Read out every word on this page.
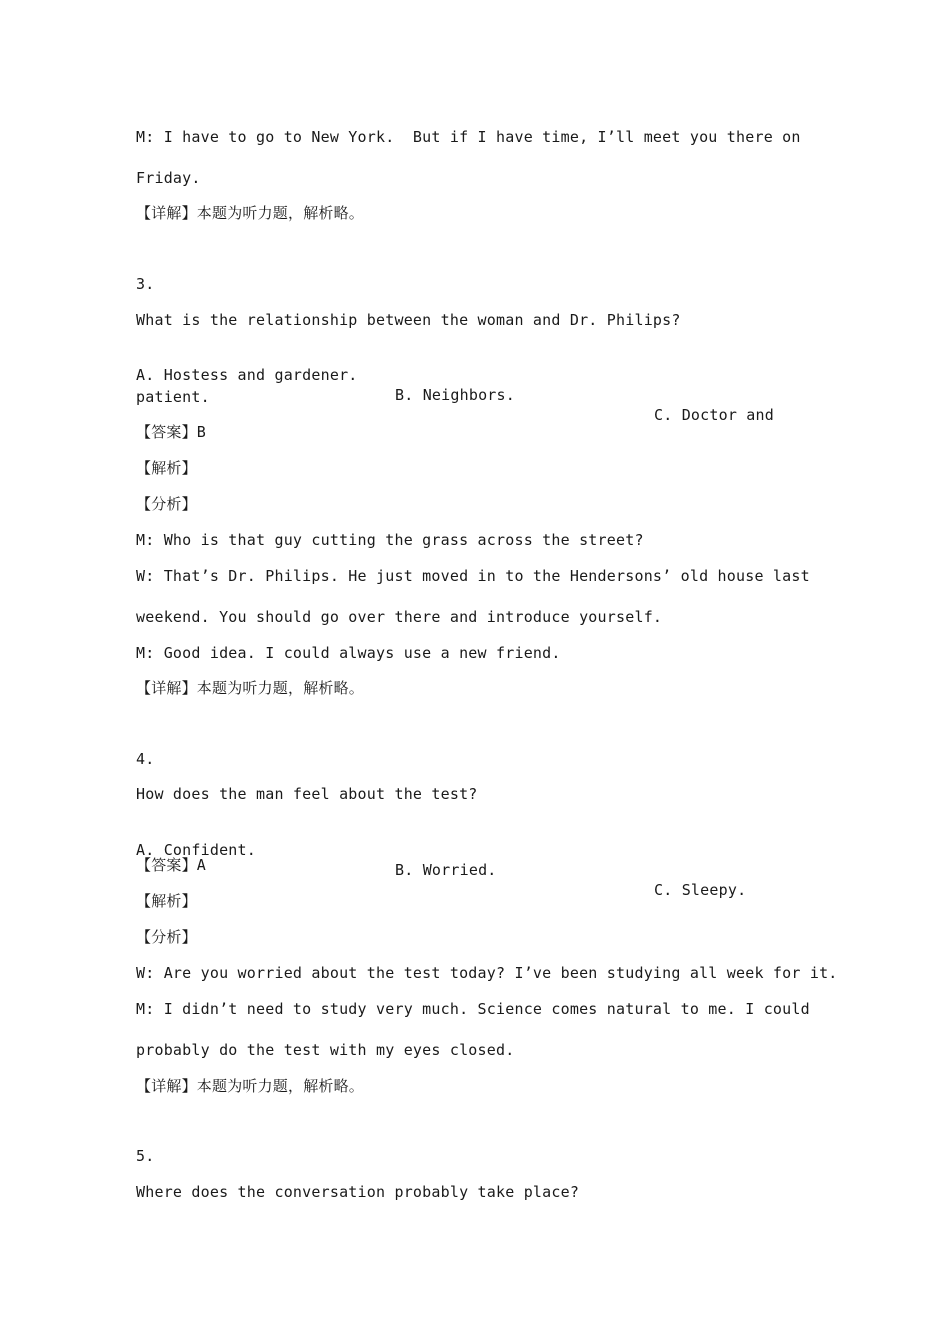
M: I have to go to New York.  But if I have time, I’ll meet you there on

Friday.

【详解】本题为听力题，解析略。

3.

What is the relationship between the woman and Dr. Philips?

A. Hostess and gardener.

B. Neighbors.

C. Doctor and

patient.

【答案】B

【解析】

【分析】

M: Who is that guy cutting the grass across the street?

W: That’s Dr. Philips. He just moved in to the Hendersons’ old house last

weekend. You should go over there and introduce yourself.

M: Good idea. I could always use a new friend.

【详解】本题为听力题，解析略。

4.

How does the man feel about the test?

A. Confident.

B. Worried.

C. Sleepy.

【答案】A

【解析】

【分析】

W: Are you worried about the test today? I’ve been studying all week for it.

M: I didn’t need to study very much. Science comes natural to me. I could

probably do the test with my eyes closed.

【详解】本题为听力题，解析略。

5.

Where does the conversation probably take place?
